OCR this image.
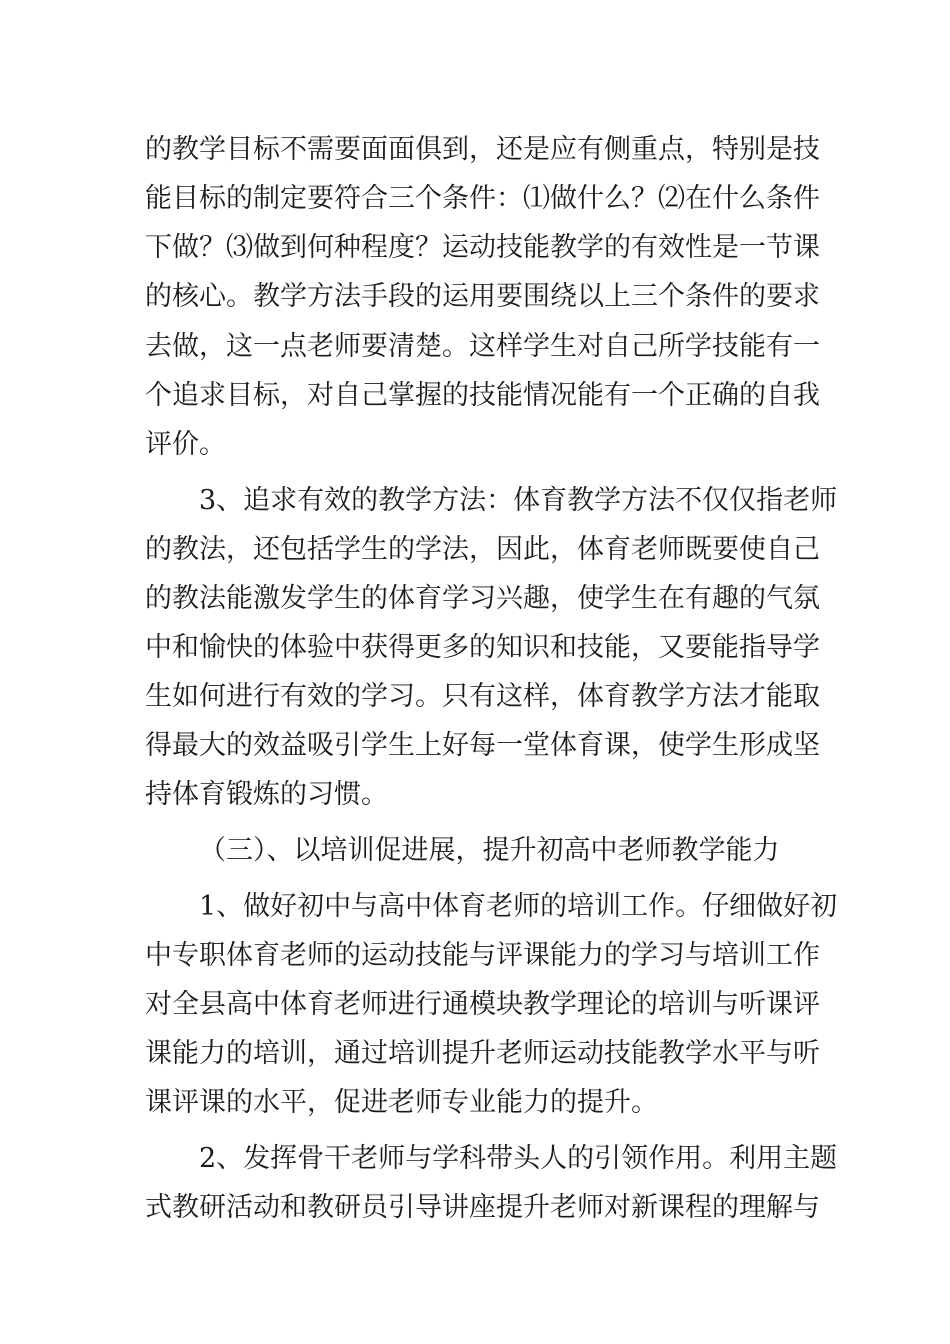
的教学目标不需要面面俱到，还是应有侧重点，特别是技
能目标的制定要符合三个条件：⑴做什么？⑵在什么条件
下做？⑶做到何种程度？运动技能教学的有效性是一节课
的核心。教学方法手段的运用要围绕以上三个条件的要求
去做，这一点老师要清楚。这样学生对自己所学技能有一
个追求目标，对自己掌握的技能情况能有一个正确的自我
评价。
3、追求有效的教学方法：体育教学方法不仅仅指老师
的教法，还包括学生的学法，因此，体育老师既要使自己
的教法能激发学生的体育学习兴趣，使学生在有趣的气氛
中和愉快的体验中获得更多的知识和技能，又要能指导学
生如何进行有效的学习。只有这样，体育教学方法才能取
得最大的效益吸引学生上好每一堂体育课，使学生形成坚
持体育锻炼的习惯。
（三）、以培训促进展，提升初高中老师教学能力
1、做好初中与高中体育老师的培训工作。仔细做好初
中专职体育老师的运动技能与评课能力的学习与培训工作
对全县高中体育老师进行通模块教学理论的培训与听课评
课能力的培训，通过培训提升老师运动技能教学水平与听
课评课的水平，促进老师专业能力的提升。
2、发挥骨干老师与学科带头人的引领作用。利用主题
式教研活动和教研员引导讲座提升老师对新课程的理解与
